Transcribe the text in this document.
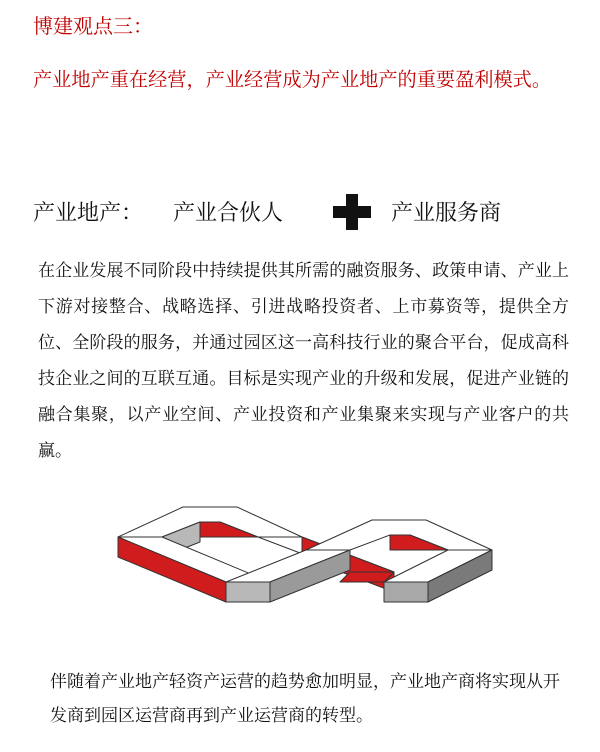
博建观点三：
产业地产重在经营，产业经营成为产业地产的重要盈利模式。
产业地产： 产业合伙人	产业服务商
在企业发展不同阶段中持续提供其所需的融资服务、政策申请、产业上下游对接整合、战略选择、引进战略投资者、上市募资等，提供全方位、全阶段的服务，并通过园区这一高科技行业的聚合平台，促成高科技企业之间的互联互通。目标是实现产业的升级和发展，促进产业链的融合集聚，以产业空间、产业投资和产业集聚来实现与产业客户的共赢。
伴随着产业地产轻资产运营的趋势愈加明显，产业地产商将实现从开发商到园区运营商再到产业运营商的转型。
